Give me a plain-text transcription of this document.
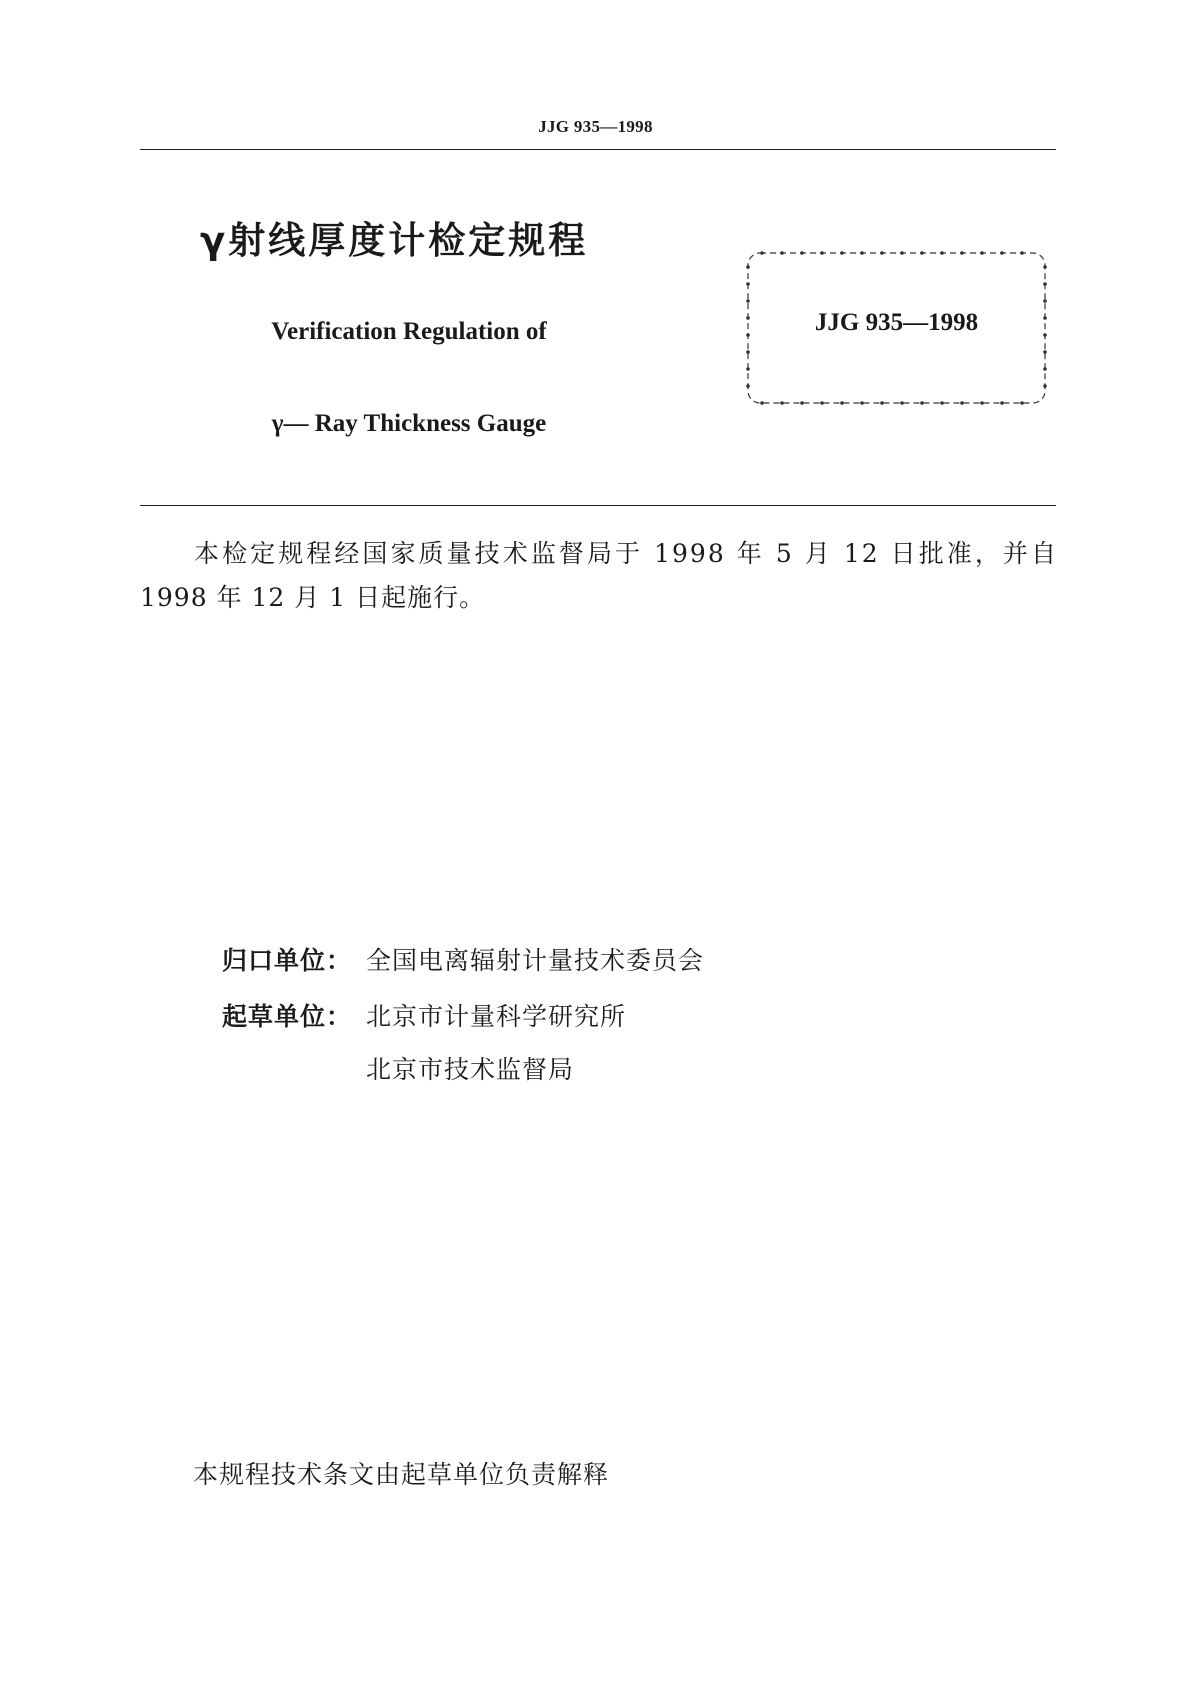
JJG 935—1998
γ射线厚度计检定规程
Verification Regulation of
γ— Ray Thickness Gauge
JJG 935—1998
本检定规程经国家质量技术监督局于 1998 年 5 月 12 日批准，并自
1998 年 12 月 1 日起施行。
归口单位： 全国电离辐射计量技术委员会
起草单位： 北京市计量科学研究所
北京市技术监督局
本规程技术条文由起草单位负责解释
